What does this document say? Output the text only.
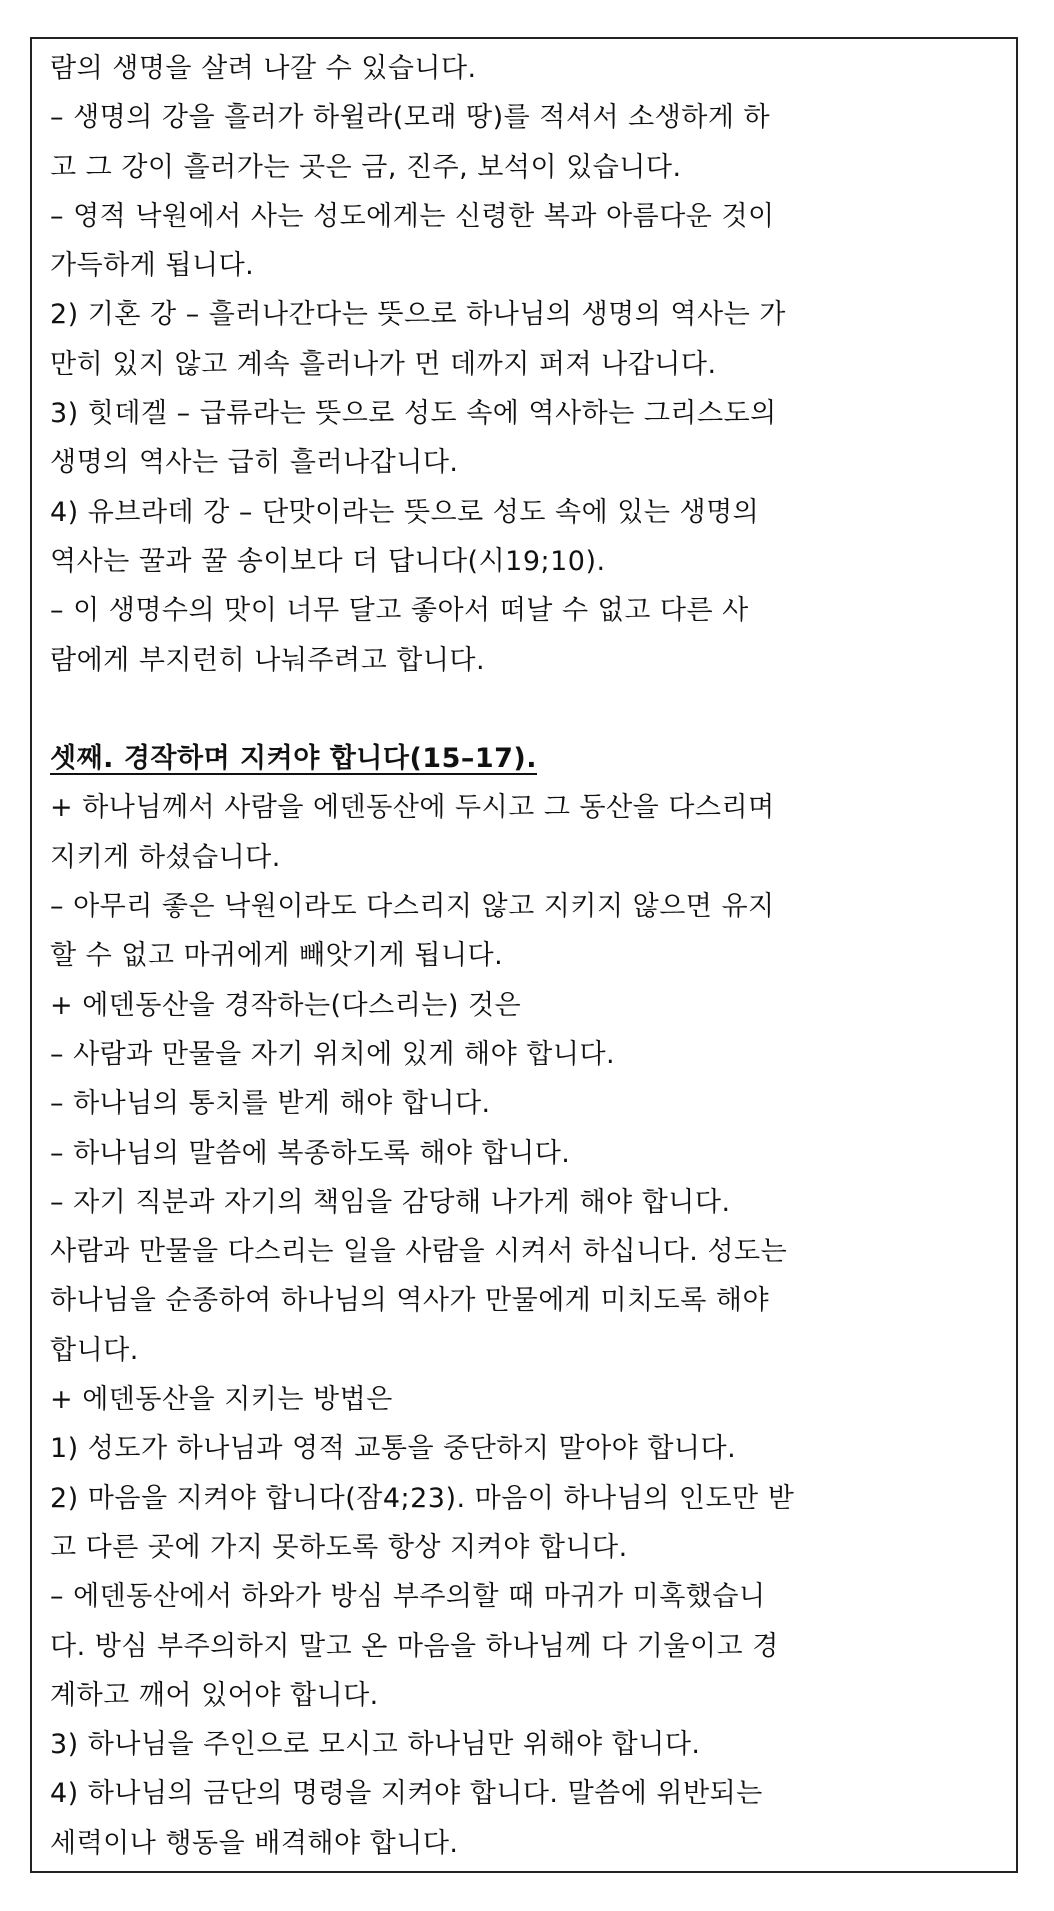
람의 생명을 살려 나갈 수 있습니다.
– 생명의 강을 흘러가 하윌라(모래 땅)를 적셔서 소생하게 하
고 그 강이 흘러가는 곳은 금, 진주, 보석이 있습니다.
– 영적 낙원에서 사는 성도에게는 신령한 복과 아름다운 것이
가득하게 됩니다.
2) 기혼 강 – 흘러나간다는 뜻으로 하나님의 생명의 역사는 가
만히 있지 않고 계속 흘러나가 먼 데까지 퍼져 나갑니다.
3) 힛데겔 – 급류라는 뜻으로 성도 속에 역사하는 그리스도의
생명의 역사는 급히 흘러나갑니다.
4) 유브라데 강 – 단맛이라는 뜻으로 성도 속에 있는 생명의
역사는 꿀과 꿀 송이보다 더 답니다(시19;10).
– 이 생명수의 맛이 너무 달고 좋아서 떠날 수 없고 다른 사
람에게 부지런히 나눠주려고 합니다.
셋째. 경작하며 지켜야 합니다(15–17).
+ 하나님께서 사람을 에덴동산에 두시고 그 동산을 다스리며
지키게 하셨습니다.
– 아무리 좋은 낙원이라도 다스리지 않고 지키지 않으면 유지
할 수 없고 마귀에게 빼앗기게 됩니다.
+ 에덴동산을 경작하는(다스리는) 것은
– 사람과 만물을 자기 위치에 있게 해야 합니다.
– 하나님의 통치를 받게 해야 합니다.
– 하나님의 말씀에 복종하도록 해야 합니다.
– 자기 직분과 자기의 책임을 감당해 나가게 해야 합니다.
사람과 만물을 다스리는 일을 사람을 시켜서 하십니다. 성도는
하나님을 순종하여 하나님의 역사가 만물에게 미치도록 해야
합니다.
+ 에덴동산을 지키는 방법은
1) 성도가 하나님과 영적 교통을 중단하지 말아야 합니다.
2) 마음을 지켜야 합니다(잠4;23). 마음이 하나님의 인도만 받
고 다른 곳에 가지 못하도록 항상 지켜야 합니다.
– 에덴동산에서 하와가 방심 부주의할 때 마귀가 미혹했습니
다. 방심 부주의하지 말고 온 마음을 하나님께 다 기울이고 경
계하고 깨어 있어야 합니다.
3) 하나님을 주인으로 모시고 하나님만 위해야 합니다.
4) 하나님의 금단의 명령을 지켜야 합니다. 말씀에 위반되는
세력이나 행동을 배격해야 합니다.
